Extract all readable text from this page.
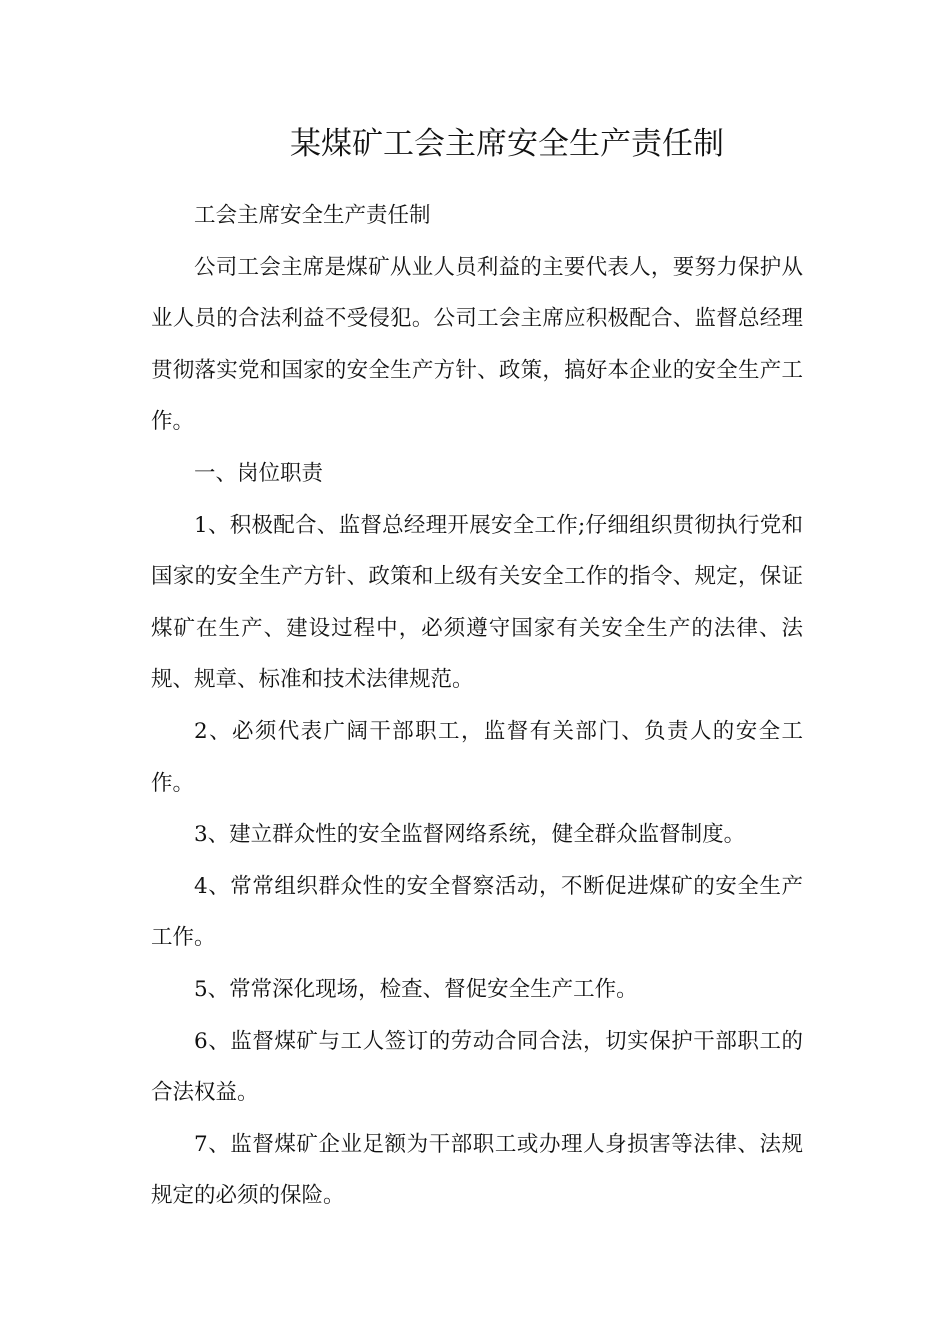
某煤矿工会主席安全生产责任制

工会主席安全生产责任制

公司工会主席是煤矿从业人员利益的主要代表人，要努力保护从业人员的合法利益不受侵犯。公司工会主席应积极配合、监督总经理贯彻落实党和国家的安全生产方针、政策，搞好本企业的安全生产工作。

一、岗位职责

1、积极配合、监督总经理开展安全工作;仔细组织贯彻执行党和国家的安全生产方针、政策和上级有关安全工作的指令、规定，保证煤矿在生产、建设过程中，必须遵守国家有关安全生产的法律、法规、规章、标准和技术法律规范。

2、必须代表广阔干部职工，监督有关部门、负责人的安全工作。

3、建立群众性的安全监督网络系统，健全群众监督制度。

4、常常组织群众性的安全督察活动，不断促进煤矿的安全生产工作。

5、常常深化现场，检查、督促安全生产工作。

6、监督煤矿与工人签订的劳动合同合法，切实保护干部职工的合法权益。

7、监督煤矿企业足额为干部职工或办理人身损害等法律、法规规定的必须的保险。
